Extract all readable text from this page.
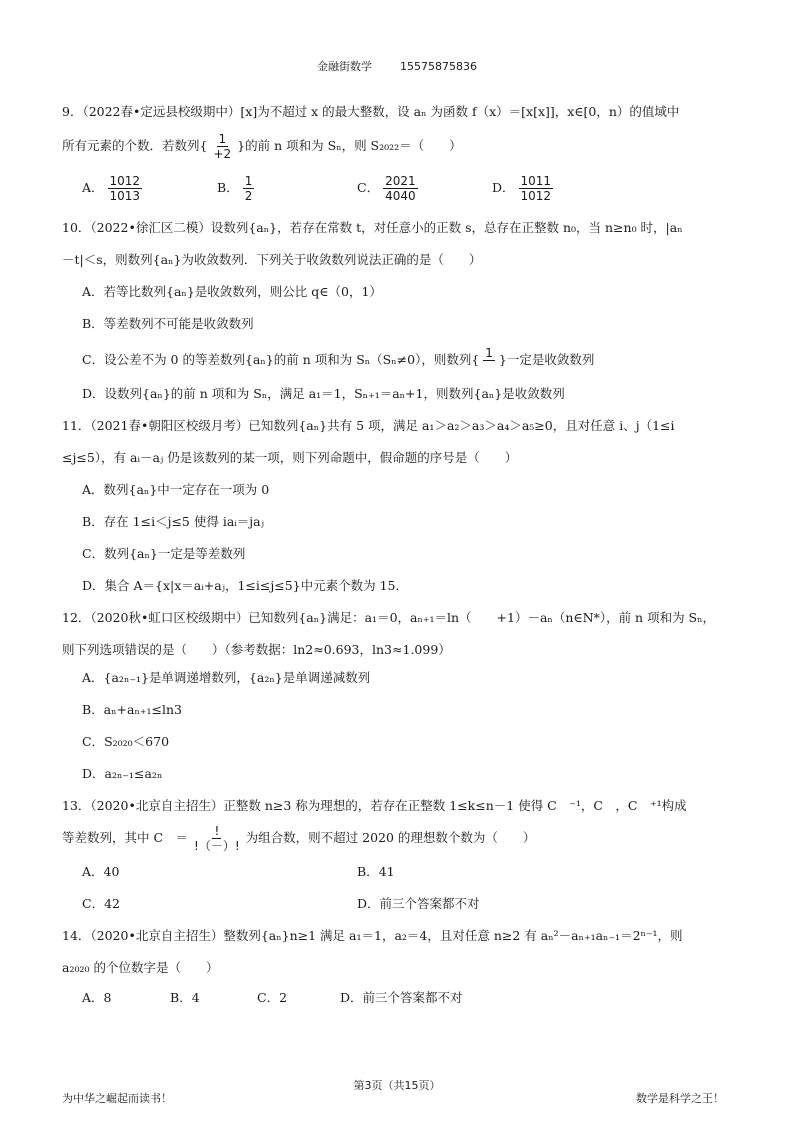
金融街数学	15575875836

9．（2022春•定远县校级期中）[x]为不超过 x 的最大整数，设 aₙ 为函数 f（x）＝[x[x]]，x∈[0，n）的值域中

所有元素的个数．若数列{ $\frac{1}{+2}$ }的前 n 项和为 Sₙ，则 S₂₀₂₂＝（　　）

A． $\frac{1012}{1013}$	B． $\frac{1}{2}$	C． $\frac{2021}{4040}$	D． $\frac{1011}{1012}$

10．（2022•徐汇区二模）设数列{aₙ}，若存在常数 t，对任意小的正数 s，总存在正整数 n₀，当 n≥n₀ 时，|aₙ

－t|＜s，则数列{aₙ}为收敛数列．下列关于收敛数列说法正确的是（　　）

A．若等比数列{aₙ}是收敛数列，则公比 q∈（0，1）
B．等差数列不可能是收敛数列
C．设公差不为 0 的等差数列{aₙ}的前 n 项和为 Sₙ（Sₙ≠0），则数列{ 1
}一定是收敛数列
D．设数列{aₙ}的前 n 项和为 Sₙ，满足 a₁＝1，Sₙ₊₁＝aₙ+1，则数列{aₙ}是收敛数列

11．（2021春•朝阳区校级月考）已知数列{aₙ}共有 5 项，满足 a₁＞a₂＞a₃＞a₄＞a₅≥0，且对任意 i、j（1≤i

≤j≤5），有 aᵢ－aⱼ 仍是该数列的某一项，则下列命题中，假命题的序号是（　　）

A．数列{aₙ}中一定存在一项为 0
B．存在 1≤i＜j≤5 使得 iaᵢ＝jaⱼ
C．数列{aₙ}一定是等差数列
D．集合 A＝{x|x＝aᵢ+aⱼ，1≤i≤j≤5}中元素个数为 15．

12．（2020秋•虹口区校级期中）已知数列{aₙ}满足：a₁＝0，aₙ₊₁＝ln（　　+1）－aₙ（n∈N*），前 n 项和为 Sₙ，

则下列选项错误的是（　　）（参考数据：ln2≈0.693，ln3≈1.099）

A．{a₂ₙ₋₁}是单调递增数列，{a₂ₙ}是单调递减数列
B．aₙ+aₙ₊₁≤ln3
C．S₂₀₂₀＜670
D．a₂ₙ₋₁≤a₂ₙ

13．（2020•北京自主招生）正整数 n≥3 称为理想的，若存在正整数 1≤k≤n－1 使得 C　⁻¹，C　，C　⁺¹构成

等差数列，其中 C　＝ $\frac{!}{!(-)!}$ 为组合数，则不超过 2020 的理想数个数为（　　）

A．40	B．41
C．42	D．前三个答案都不对

14．（2020•北京自主招生）整数列{aₙ}n≥1 满足 a₁＝1，a₂＝4，且对任意 n≥2 有 aₙ²－aₙ₊₁aₙ₋₁＝2ⁿ⁻¹，则

a₂₀₂₀ 的个位数字是（　　）

A．8	B．4	C．2	D．前三个答案都不对
第3页（共15页）
为中华之崛起而读书！	数学是科学之王！
